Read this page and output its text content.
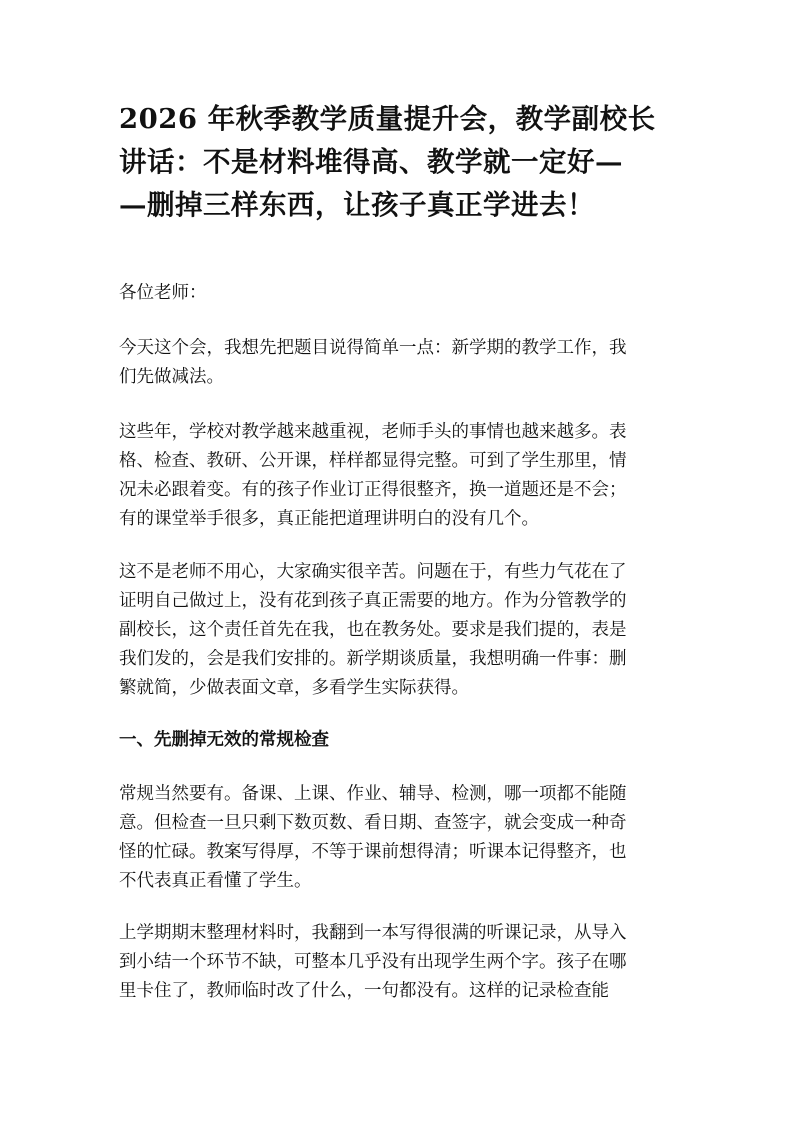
2026 年秋季教学质量提升会，教学副校长
讲话：不是材料堆得高、教学就一定好—
—删掉三样东西，让孩子真正学进去！

各位老师：

今天这个会，我想先把题目说得简单一点：新学期的教学工作，我
们先做减法。

这些年，学校对教学越来越重视，老师手头的事情也越来越多。表
格、检查、教研、公开课，样样都显得完整。可到了学生那里，情
况未必跟着变。有的孩子作业订正得很整齐，换一道题还是不会；
有的课堂举手很多，真正能把道理讲明白的没有几个。

这不是老师不用心，大家确实很辛苦。问题在于，有些力气花在了
证明自己做过上，没有花到孩子真正需要的地方。作为分管教学的
副校长，这个责任首先在我，也在教务处。要求是我们提的，表是
我们发的，会是我们安排的。新学期谈质量，我想明确一件事：删
繁就简，少做表面文章，多看学生实际获得。

一、先删掉无效的常规检查

常规当然要有。备课、上课、作业、辅导、检测，哪一项都不能随
意。但检查一旦只剩下数页数、看日期、查签字，就会变成一种奇
怪的忙碌。教案写得厚，不等于课前想得清；听课本记得整齐，也
不代表真正看懂了学生。

上学期期末整理材料时，我翻到一本写得很满的听课记录，从导入
到小结一个环节不缺，可整本几乎没有出现学生两个字。孩子在哪
里卡住了，教师临时改了什么，一句都没有。这样的记录检查能
